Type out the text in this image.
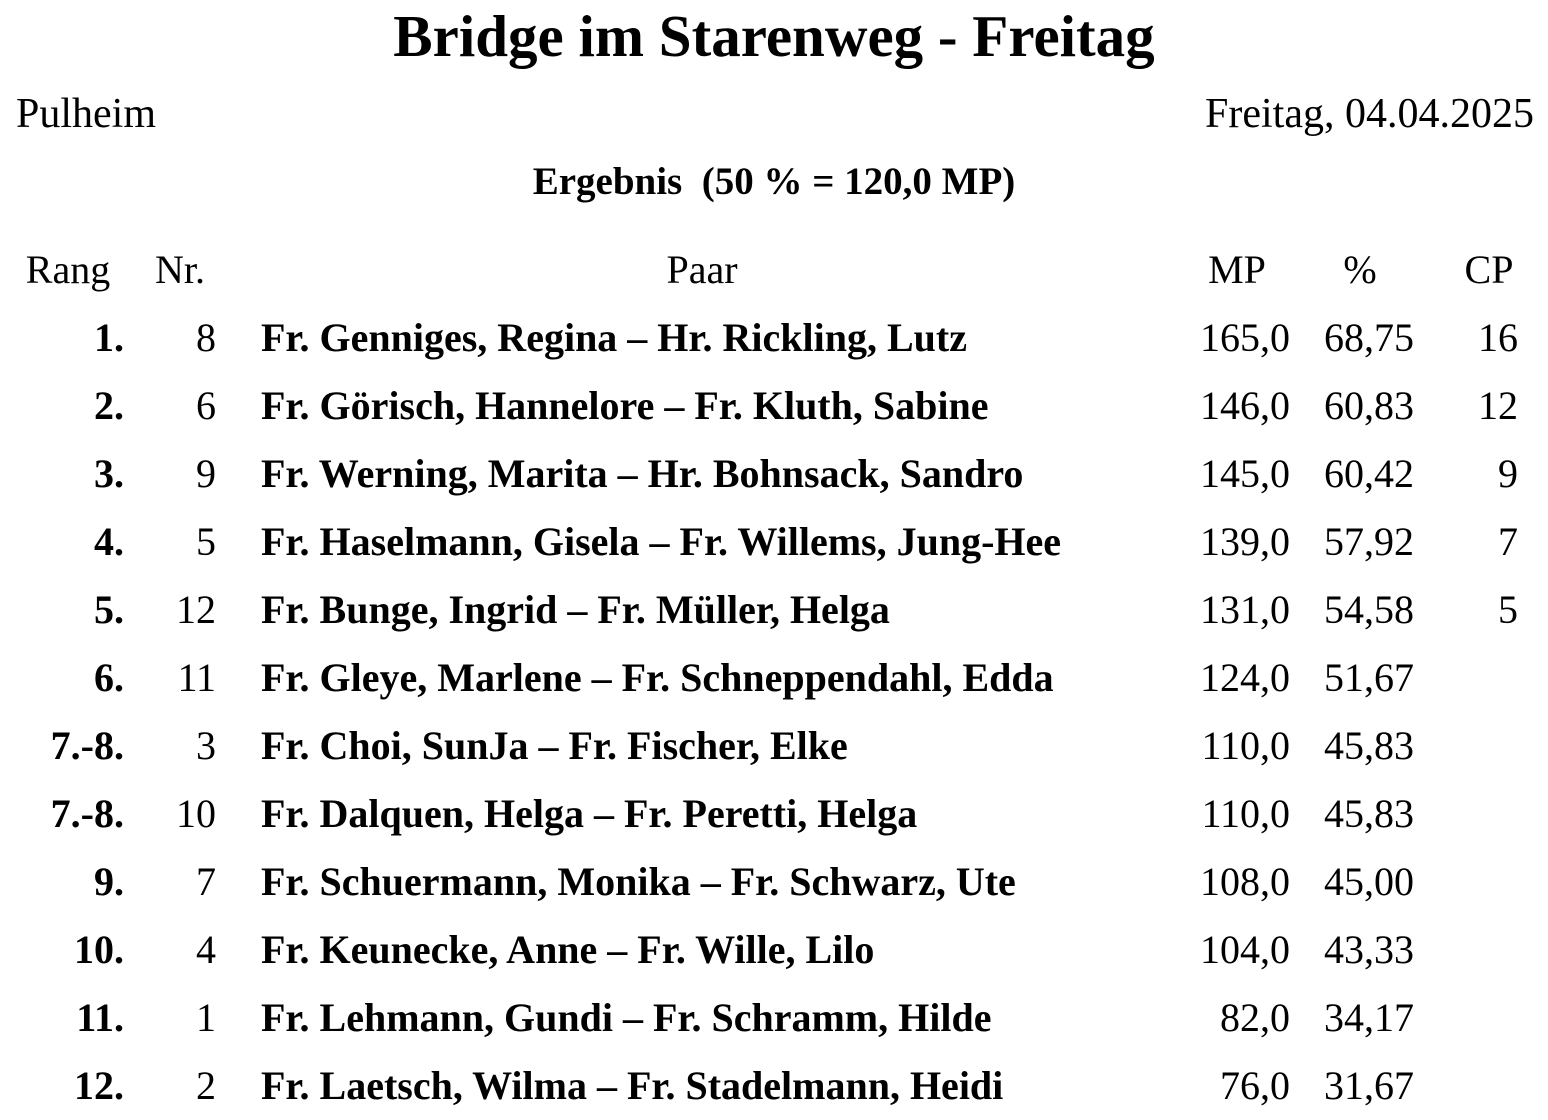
Bridge im Starenweg - Freitag
Pulheim	Freitag, 04.04.2025
Ergebnis  (50 % = 120,0 MP)
Rang	Nr.	Paar	MP	%	CP
1.	8	Fr. Genniges, Regina – Hr. Rickling, Lutz	165,0	68,75	16
2.	6	Fr. Görisch, Hannelore – Fr. Kluth, Sabine	146,0	60,83	12
3.	9	Fr. Werning, Marita – Hr. Bohnsack, Sandro	145,0	60,42	9
4.	5	Fr. Haselmann, Gisela – Fr. Willems, Jung-Hee	139,0	57,92	7
5.	12	Fr. Bunge, Ingrid – Fr. Müller, Helga	131,0	54,58	5
6.	11	Fr. Gleye, Marlene – Fr. Schneppendahl, Edda	124,0	51,67	
7.-8.	3	Fr. Choi, SunJa – Fr. Fischer, Elke	110,0	45,83	
7.-8.	10	Fr. Dalquen, Helga – Fr. Peretti, Helga	110,0	45,83	
9.	7	Fr. Schuermann, Monika – Fr. Schwarz, Ute	108,0	45,00	
10.	4	Fr. Keunecke, Anne – Fr. Wille, Lilo	104,0	43,33	
11.	1	Fr. Lehmann, Gundi – Fr. Schramm, Hilde	82,0	34,17	
12.	2	Fr. Laetsch, Wilma – Fr. Stadelmann, Heidi	76,0	31,67	
